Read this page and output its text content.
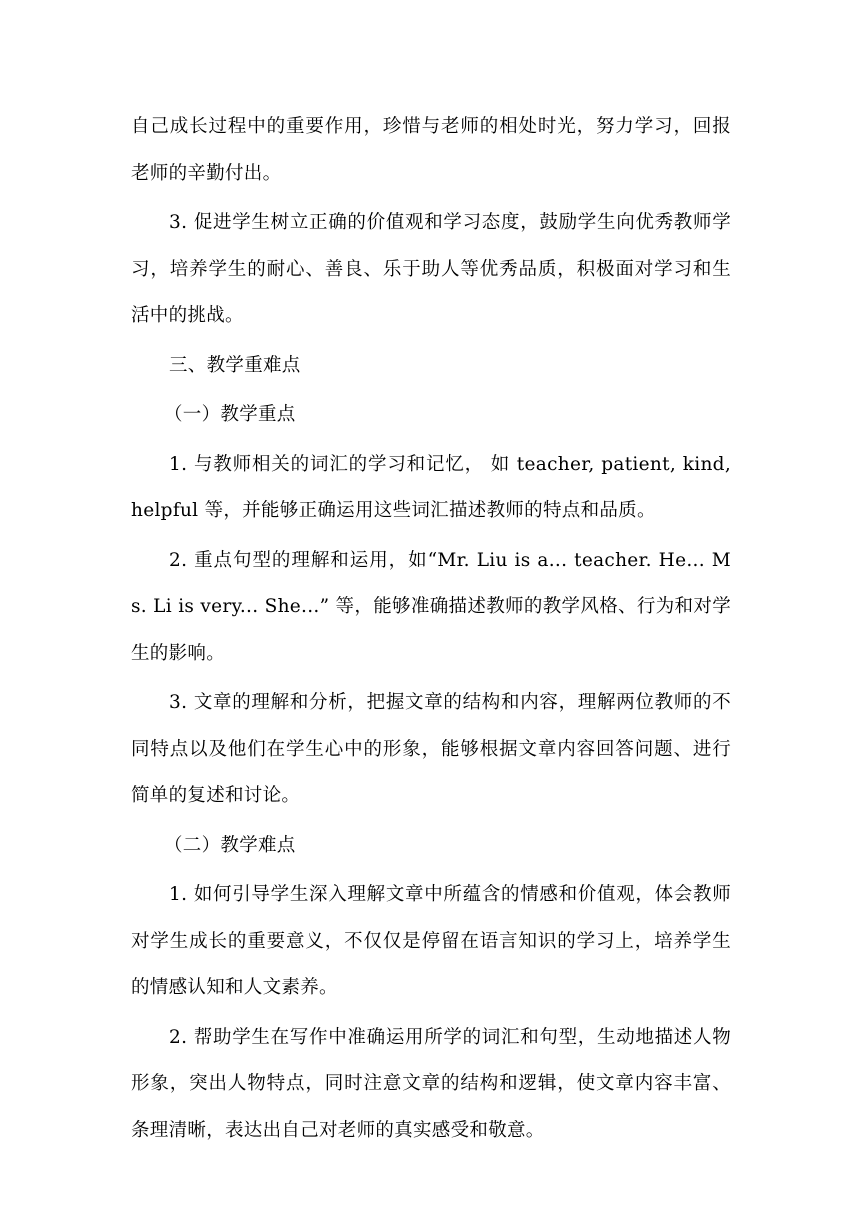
自己成长过程中的重要作用，珍惜与老师的相处时光，努力学习，回报老师的辛勤付出。

3. 促进学生树立正确的价值观和学习态度，鼓励学生向优秀教师学习，培养学生的耐心、善良、乐于助人等优秀品质，积极面对学习和生活中的挑战。

三、教学重难点

（一）教学重点

1. 与教师相关的词汇的学习和记忆， 如 teacher, patient, kind, helpful 等，并能够正确运用这些词汇描述教师的特点和品质。

2. 重点句型的理解和运用，如“Mr. Liu is a... teacher. He... Ms. Li is very... She...” 等，能够准确描述教师的教学风格、行为和对学生的影响。

3. 文章的理解和分析，把握文章的结构和内容，理解两位教师的不同特点以及他们在学生心中的形象，能够根据文章内容回答问题、进行简单的复述和讨论。

（二）教学难点

1. 如何引导学生深入理解文章中所蕴含的情感和价值观，体会教师对学生成长的重要意义，不仅仅是停留在语言知识的学习上，培养学生的情感认知和人文素养。

2. 帮助学生在写作中准确运用所学的词汇和句型，生动地描述人物形象，突出人物特点，同时注意文章的结构和逻辑，使文章内容丰富、条理清晰，表达出自己对老师的真实感受和敬意。
